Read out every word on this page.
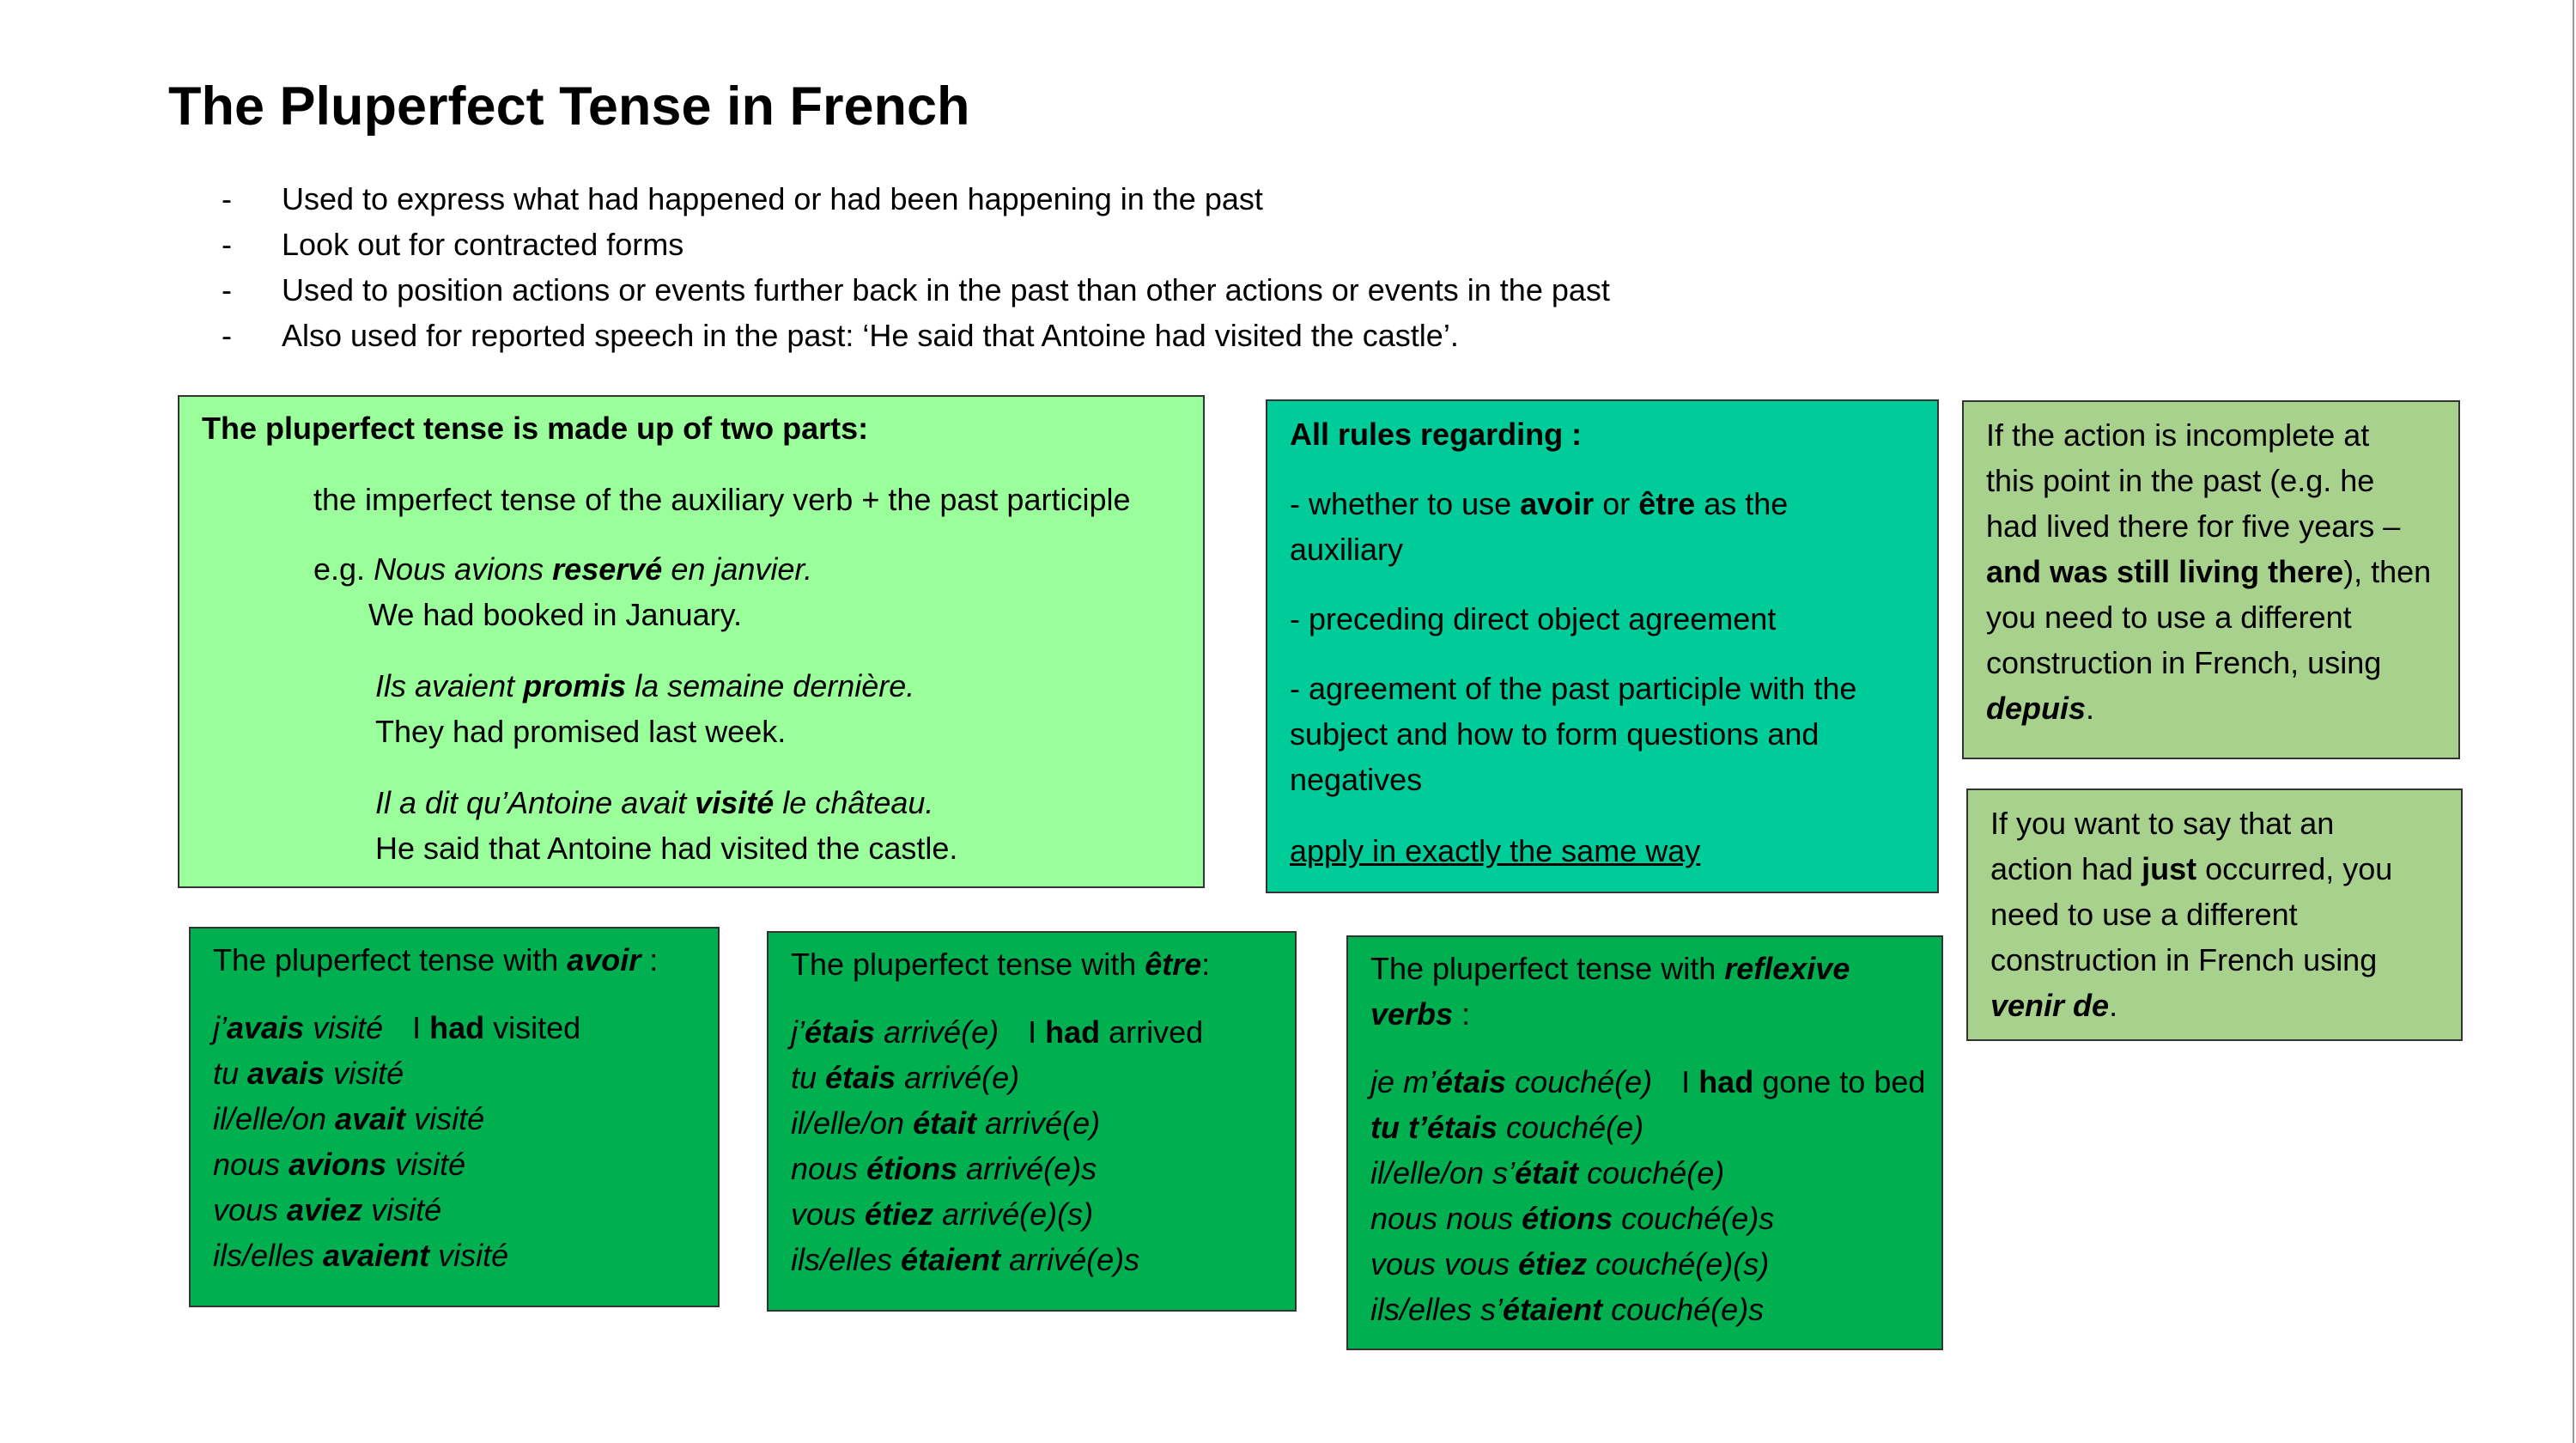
The Pluperfect Tense in French
- Used to express what had happened or had been happening in the past
- Look out for contracted forms
- Used to position actions or events further back in the past than other actions or events in the past
- Also used for reported speech in the past: ‘He said that Antoine had visited the castle’.
The pluperfect tense is made up of two parts:
the imperfect tense of the auxiliary verb + the past participle
e.g. Nous avions reservé en janvier.
We had booked in January.
Ils avaient promis la semaine dernière.
They had promised last week.
Il a dit qu’Antoine avait visité le château.
He said that Antoine had visited the castle.
All rules regarding :
- whether to use avoir or être as the
auxiliary
- preceding direct object agreement
- agreement of the past participle with the
subject and how to form questions and
negatives
apply in exactly the same way
If the action is incomplete at
this point in the past (e.g. he
had lived there for five years –
and was still living there), then
you need to use a different
construction in French, using
depuis.
If you want to say that an
action had just occurred, you
need to use a different
construction in French using
venir de.
The pluperfect tense with avoir :
j’avais visité I had visited
tu avais visité
il/elle/on avait visité
nous avions visité
vous aviez visité
ils/elles avaient visité
The pluperfect tense with être:
j’étais arrivé(e) I had arrived
tu étais arrivé(e)
il/elle/on était arrivé(e)
nous étions arrivé(e)s
vous étiez arrivé(e)(s)
ils/elles étaient arrivé(e)s
The pluperfect tense with reflexive
verbs :
je m’étais couché(e) I had gone to bed
tu t’étais couché(e)
il/elle/on s’était couché(e)
nous nous étions couché(e)s
vous vous étiez couché(e)(s)
ils/elles s’étaient couché(e)s
